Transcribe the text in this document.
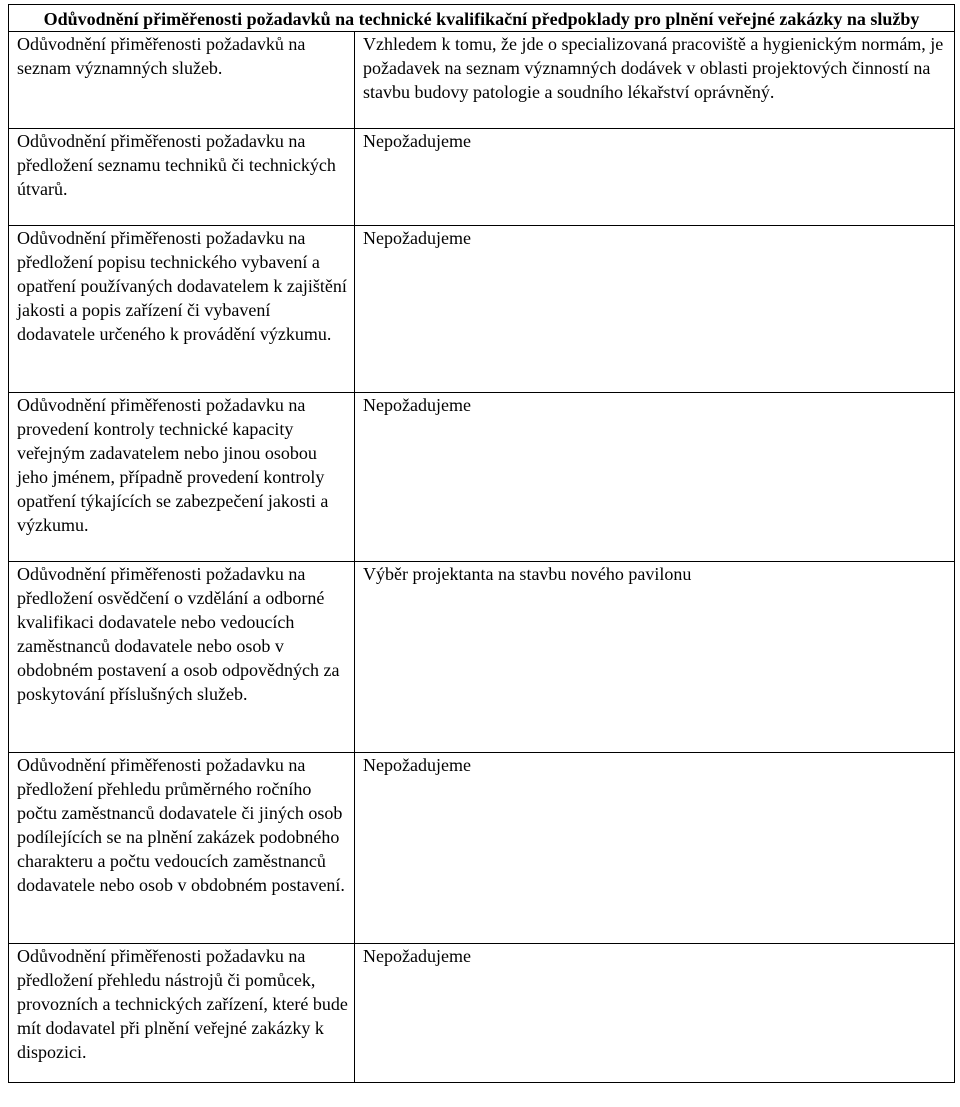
Odůvodnění přiměřenosti požadavků na technické kvalifikační předpoklady pro plnění veřejné zakázky na služby	
Odůvodnění přiměřenosti požadavků na seznam významných služeb.	Vzhledem k tomu, že jde o specializovaná pracoviště a hygienickým normám, je požadavek na seznam významných dodávek v oblasti projektových činností na stavbu budovy patologie a soudního lékařství oprávněný.
Odůvodnění přiměřenosti požadavku na předložení seznamu techniků či technických útvarů.	Nepožadujeme
Odůvodnění přiměřenosti požadavku na předložení popisu technického vybavení a opatření používaných dodavatelem k zajištění jakosti a popis zařízení či vybavení dodavatele určeného k provádění výzkumu.	Nepožadujeme
Odůvodnění přiměřenosti požadavku na provedení kontroly technické kapacity veřejným zadavatelem nebo jinou osobou jeho jménem, případně provedení kontroly opatření týkajících se zabezpečení jakosti a výzkumu.	Nepožadujeme
Odůvodnění přiměřenosti požadavku na předložení osvědčení o vzdělání a odborné kvalifikaci dodavatele nebo vedoucích zaměstnanců dodavatele nebo osob v obdobném postavení a osob odpovědných za poskytování příslušných služeb.	Výběr projektanta na stavbu nového pavilonu
Odůvodnění přiměřenosti požadavku na předložení přehledu průměrného ročního počtu zaměstnanců dodavatele či jiných osob podílejících se na plnění zakázek podobného charakteru a počtu vedoucích zaměstnanců dodavatele nebo osob v obdobném postavení.	Nepožadujeme
Odůvodnění přiměřenosti požadavku na předložení přehledu nástrojů či pomůcek, provozních a technických zařízení, které bude mít dodavatel při plnění veřejné zakázky k dispozici.	Nepožadujeme
